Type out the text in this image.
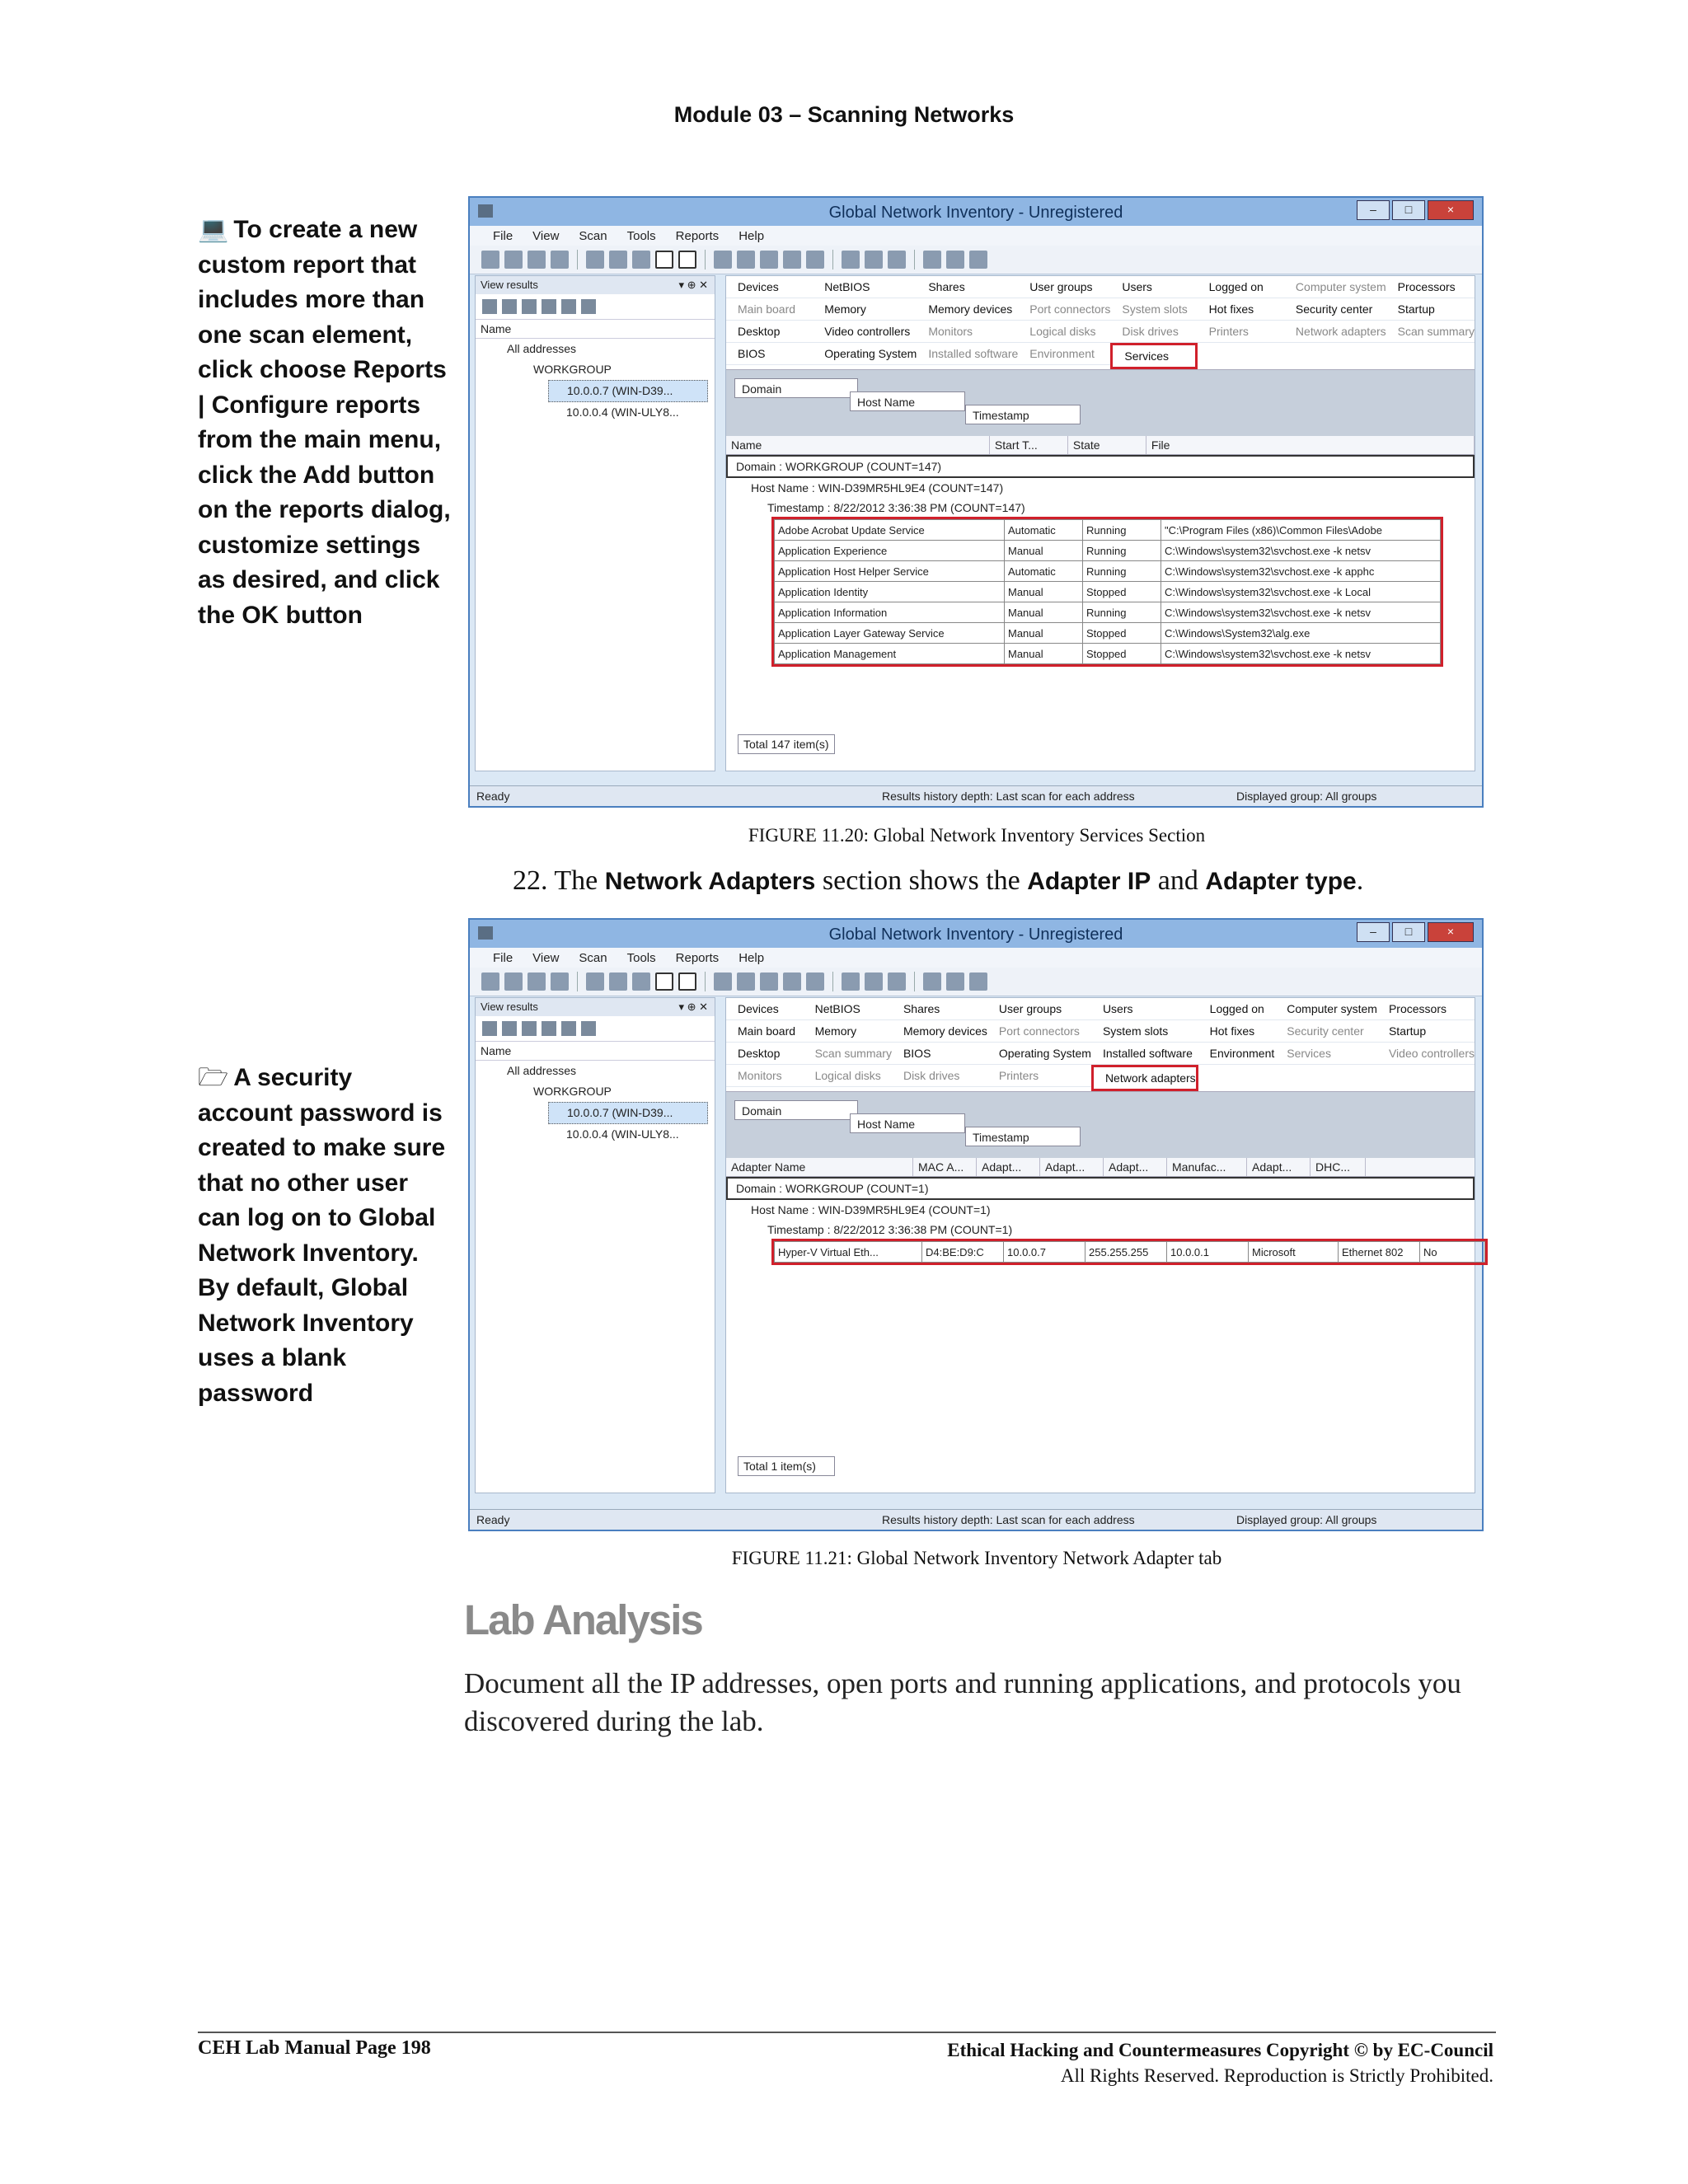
Module 03 – Scanning Networks
💻 To create a new custom report that includes more than one scan element, click choose Reports | Configure reports from the main menu, click the Add button on the reports dialog, customize settings as desired, and click the OK button
🗁 A security account password is created to make sure that no other user can log on to Global Network Inventory. By default, Global Network Inventory uses a blank password
Global Network Inventory - Unregistered	–	□	×
File View Scan Tools Reports Help
View results	▾ ⊕ ✕
Name
All addresses
WORKGROUP
10.0.0.7 (WIN-D39...
10.0.0.4 (WIN-ULY8...
Devices	NetBIOS	Shares	User groups	Users	Logged on	Computer system	Processors
Main board	Memory	Memory devices	Port connectors	System slots	Hot fixes	Security center	Startup
Desktop	Video controllers	Monitors	Logical disks	Disk drives	Printers	Network adapters	Scan summary
BIOS	Operating System	Installed software	Environment	Services
Domain
Host Name
Timestamp
Name	Start T...	State	File
Domain : WORKGROUP (COUNT=147)
Host Name : WIN-D39MR5HL9E4 (COUNT=147)
Timestamp : 8/22/2012 3:36:38 PM (COUNT=147)
Adobe Acrobat Update Service	Automatic	Running	"C:\Program Files (x86)\Common Files\Adobe
Application Experience	Manual	Running	C:\Windows\system32\svchost.exe -k netsv
Application Host Helper Service	Automatic	Running	C:\Windows\system32\svchost.exe -k apphc
Application Identity	Manual	Stopped	C:\Windows\system32\svchost.exe -k Local
Application Information	Manual	Running	C:\Windows\system32\svchost.exe -k netsv
Application Layer Gateway Service	Manual	Stopped	C:\Windows\System32\alg.exe
Application Management	Manual	Stopped	C:\Windows\system32\svchost.exe -k netsv
Total 147 item(s)
Ready	Results history depth: Last scan for each address	Displayed group: All groups
FIGURE 11.20: Global Network Inventory Services Section
22. The Network Adapters section shows the Adapter IP and Adapter type.
Global Network Inventory - Unregistered	–	□	×
File View Scan Tools Reports Help
View results	▾ ⊕ ✕
Name
All addresses
WORKGROUP
10.0.0.7 (WIN-D39...
10.0.0.4 (WIN-ULY8...
Devices	NetBIOS	Shares	User groups	Users	Logged on	Computer system	Processors
Main board	Memory	Memory devices	Port connectors	System slots	Hot fixes	Security center	Startup
Desktop	Scan summary	BIOS	Operating System	Installed software	Environment	Services	Video controllers
Monitors	Logical disks	Disk drives	Printers	Network adapters
Domain
Host Name
Timestamp
Adapter Name	MAC A...	Adapt...	Adapt...	Adapt...	Manufac...	Adapt...	DHC...
Domain : WORKGROUP (COUNT=1)
Host Name : WIN-D39MR5HL9E4 (COUNT=1)
Timestamp : 8/22/2012 3:36:38 PM (COUNT=1)
Hyper-V Virtual Eth...	D4:BE:D9:C	10.0.0.7	255.255.255	10.0.0.1	Microsoft	Ethernet 802	No
Total 1 item(s)
Ready	Results history depth: Last scan for each address	Displayed group: All groups
FIGURE 11.21: Global Network Inventory Network Adapter tab
Lab Analysis
Document all the IP addresses, open ports and running applications, and protocols you discovered during the lab.
CEH Lab Manual Page 198	Ethical Hacking and Countermeasures Copyright © by EC-Council
All Rights Reserved. Reproduction is Strictly Prohibited.
